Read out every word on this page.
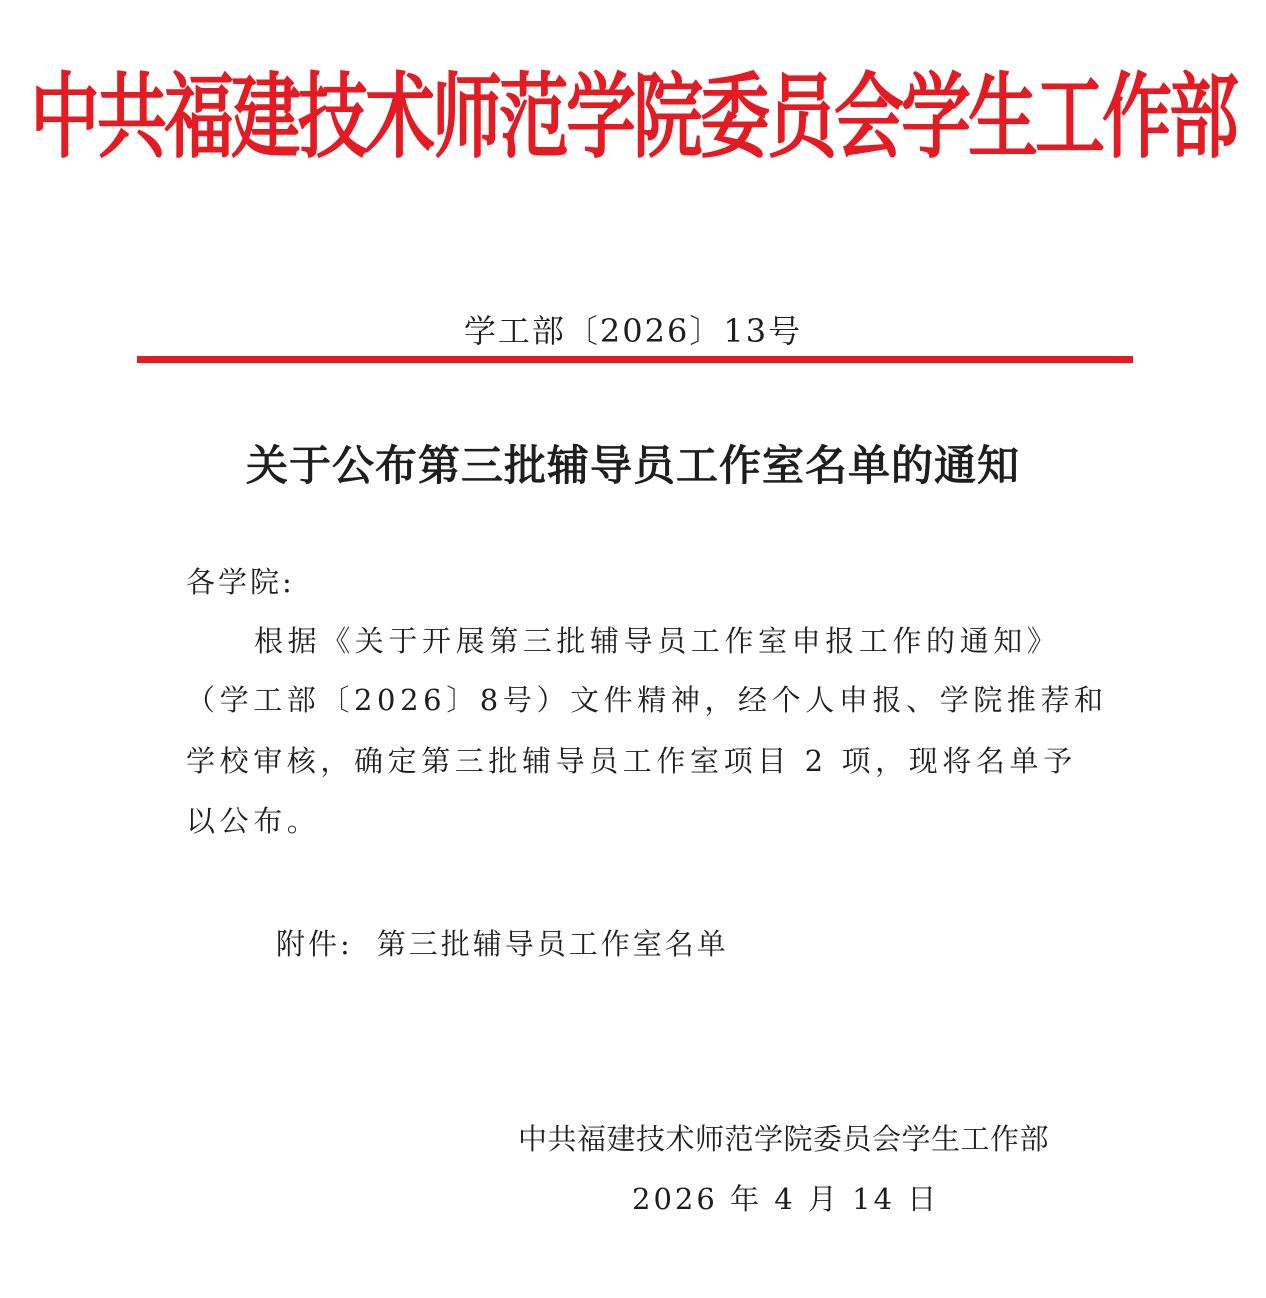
中共福建技术师范学院委员会学生工作部
学工部〔2026〕13号
关于公布第三批辅导员工作室名单的通知
各学院:
根据《关于开展第三批辅导员工作室申报工作的通知》
（学工部〔2026〕8号）文件精神，经个人申报、学院推荐和
学校审核，确定第三批辅导员工作室项目 2 项，现将名单予
以公布。
附件: 第三批辅导员工作室名单
中共福建技术师范学院委员会学生工作部
2026 年 4 月 14 日
